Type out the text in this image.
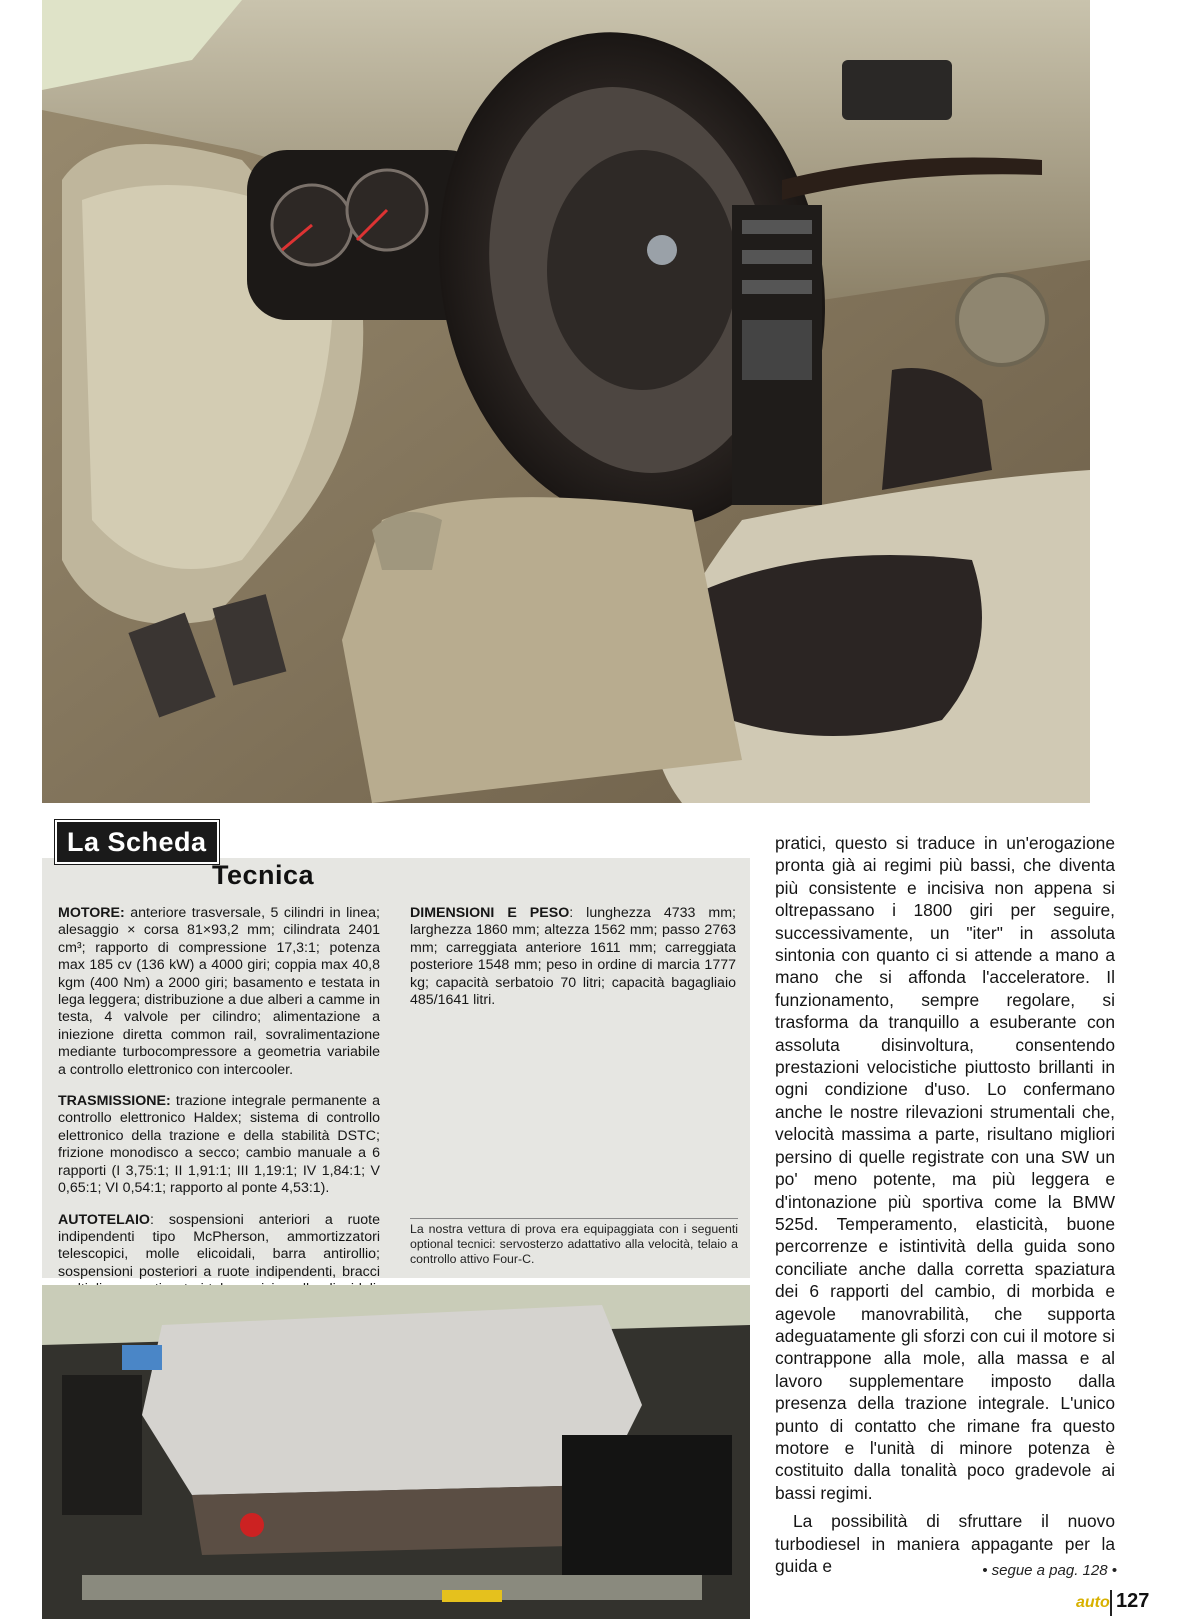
La Scheda
Tecnica

MOTORE: anteriore trasversale, 5 cilindri in linea; alesaggio × corsa 81×93,2 mm; cilindrata 2401 cm³; rapporto di compressione 17,3:1; potenza max 185 cv (136 kW) a 4000 giri; coppia max 40,8 kgm (400 Nm) a 2000 giri; basamento e testata in lega leggera; distribuzione a due alberi a camme in testa, 4 valvole per cilindro; alimentazione a iniezione diretta common rail, sovralimentazione mediante turbocompressore a geometria variabile a controllo elettronico con intercooler.

TRASMISSIONE: trazione integrale permanente a controllo elettronico Haldex; sistema di controllo elettronico della trazione e della stabilità DSTC; frizione monodisco a secco; cambio manuale a 6 rapporti (I 3,75:1; II 1,91:1; III 1,19:1; IV 1,84:1; V 0,65:1; VI 0,54:1; rapporto al ponte 4,53:1).

AUTOTELAIO: sospensioni anteriori a ruote indipendenti tipo McPherson, ammortizzatori telescopici, molle elicoidali, barra antirollio; sospensioni posteriori a ruote indipendenti, bracci

DIMENSIONI E PESO: lunghezza 4733 mm; larghezza 1860 mm; altezza 1562 mm; passo 2763 mm; carreggiata anteriore 1611 mm; carreggiata posteriore 1548 mm; peso in ordine di marcia 1777 kg; capacità serbatoio 70 litri; capacità bagagliaio 485/1641 litri.

La nostra vettura di prova era equipaggiata con i seguenti optional tecnici: servosterzo adattativo alla velocità, telaio a controllo attivo Four-C.

pratici, questo si traduce in un'erogazione pronta già ai regimi più bassi, che diventa più consistente e incisiva non appena si oltrepassano i 1800 giri per seguire, successivamente, un "iter" in assoluta sintonia con quanto ci si attende a mano a mano che si affonda l'acceleratore. Il funzionamento, sempre regolare, si trasforma da tranquillo a esuberante con assoluta disinvoltura, consentendo prestazioni velocistiche piuttosto brillanti in ogni condizione d'uso. Lo confermano anche le nostre rilevazioni strumentali che, velocità massima a parte, risultano migliori persino di quelle registrate con una SW un po' meno potente, ma più leggera e d'intonazione più sportiva come la BMW 525d. Temperamento, elasticità, buone percorrenze e istintività della guida sono conciliate anche dalla corretta spaziatura dei 6 rapporti del cambio, di morbida e agevole manovrabilità, che supporta adeguatamente gli sforzi con cui il motore si contrappone alla mole, alla massa e al lavoro supplementare imposto dalla presenza della trazione integrale. L'unico punto di contatto che rimane fra questo motore e l'unità di minore potenza è costituito dalla tonalità poco gradevole ai bassi regimi.

La possibilità di sfruttare il nuovo turbodiesel in maniera appagante per la guida e	• segue a pag. 128 •
auto 127
